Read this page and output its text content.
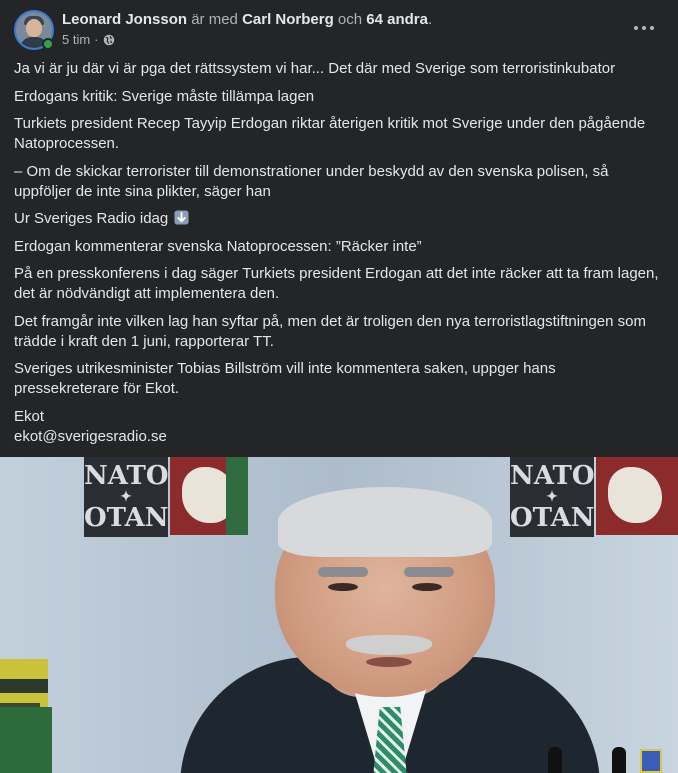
Leonard Jonsson är med Carl Norberg och 64 andra.
5 tim ·

Ja vi är ju där vi är pga det rättssystem vi har... Det där med Sverige som terroristinkubator

Erdogans kritik: Sverige måste tillämpa lagen

Turkiets president Recep Tayyip Erdogan riktar återigen kritik mot Sverige under den pågående Natoprocessen.

– Om de skickar terrorister till demonstrationer under beskydd av den svenska polisen, så uppföljer de inte sina plikter, säger han

Ur Sveriges Radio idag

Erdogan kommenterar svenska Natoprocessen: ”Räcker inte”

På en presskonferens i dag säger Turkiets president Erdogan att det inte räcker att ta fram lagen, det är nödvändigt att implementera den.

Det framgår inte vilken lag han syftar på, men det är troligen den nya terroristlagstiftningen som trädde i kraft den 1 juni, rapporterar TT.

Sveriges utrikesminister Tobias Billström vill inte kommentera saken, uppger hans pressekreterare för Ekot.

Ekot
ekot@sverigesradio.se

NATO
✦
OTAN
NATO
✦
OTAN
